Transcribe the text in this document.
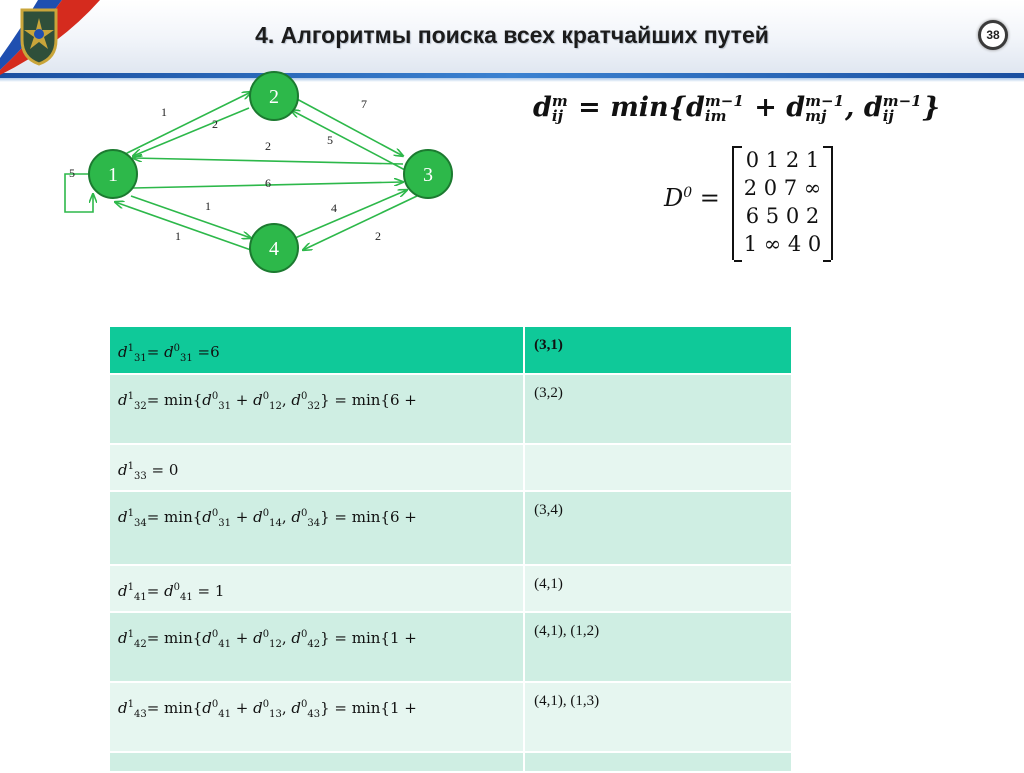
4. Алгоритмы поиска всех кратчайших путей	38
1
2
7
5
2
6
1
1
4
2
5 1
2
3
4
d m
ij = min{d m−1
im + d m−1
mj , d m−1
ij	}
$D^0$ =
0 1 2 1
2 0 7 ∞
6 5 0 2
1 ∞ 4 0
$d^1_{31}= d^0_{31} =6$	(3,1)

$d^1_{32}= \min\{d^0_{31} + d^0_{12}$, $d^0_{32}\} = \min\{6$ +	(3,2)

$d^1_{33} = 0$	

$d^1_{34}= \min\{d^0_{31} + d^0_{14}$, $d^0_{34}\} = \min\{6$ +	(3,4)

$d^1_{41}= d^0_{41} = 1$	(4,1)

$d^1_{42}= \min\{d^0_{41} + d^0_{12}$, $d^0_{42}\} = \min\{1$ +	(4,1), (1,2)

$d^1_{43}= \min\{d^0_{41} + d^0_{13}$, $d^0_{43}\} = \min\{1$ +	(4,1), (1,3)
